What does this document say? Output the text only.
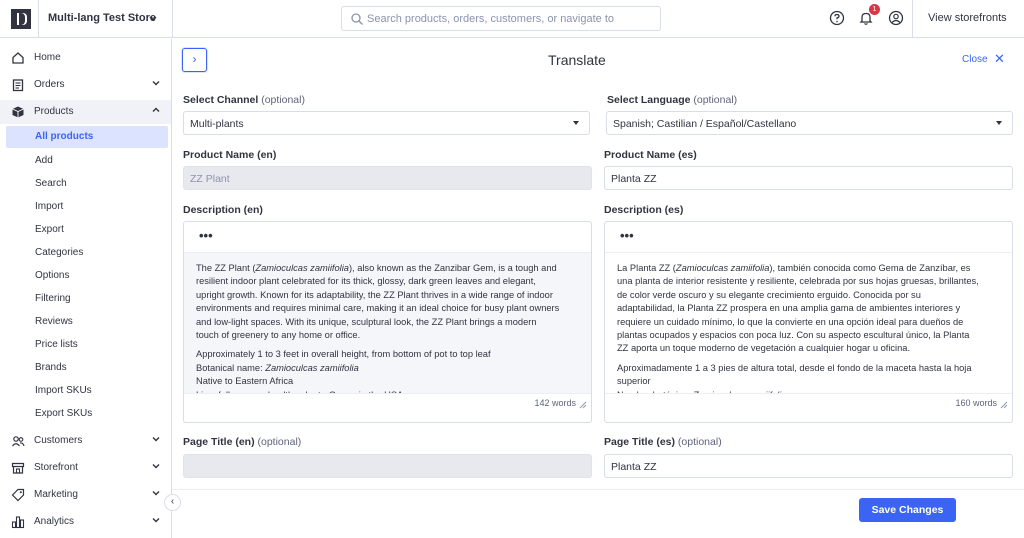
Multi-lang Test Store
Search products, orders, customers, or navigate to
1
View storefronts
Home
Orders
Products
All products
Add
Search
Import
Export
Categories
Options
Filtering
Reviews
Price lists
Brands
Import SKUs
Export SKUs
Customers
Storefront
Marketing
Analytics
‹
›	Translate	Close ✕
Select Channel (optional)
Multi-plants
Select Language (optional)
Spanish; Castilian / Español/Castellano
Product Name (en)
ZZ Plant
Product Name (es)
Planta ZZ
Description (en)
•••

The ZZ Plant (Zamioculcas zamiifolia), also known as the Zanzibar Gem, is a tough and
resilient indoor plant celebrated for its thick, glossy, dark green leaves and elegant,
upright growth. Known for its adaptability, the ZZ Plant thrives in a wide range of indoor
environments and requires minimal care, making it an ideal choice for busy plant owners
and low-light spaces. With its unique, sculptural look, the ZZ Plant brings a modern
touch of greenery to any home or office.

Approximately 1 to 3 feet in overall height, from bottom of pot to top leaf
Botanical name: Zamioculcas zamiifolia
Native to Eastern Africa
142 words
Description (es)
•••

La Planta ZZ (Zamioculcas zamiifolia), también conocida como Gema de Zanzíbar, es
una planta de interior resistente y resiliente, celebrada por sus hojas gruesas, brillantes,
de color verde oscuro y su elegante crecimiento erguido. Conocida por su
adaptabilidad, la Planta ZZ prospera en una amplia gama de ambientes interiores y
requiere un cuidado mínimo, lo que la convierte en una opción ideal para dueños de
plantas ocupados y espacios con poca luz. Con su aspecto escultural único, la Planta
ZZ aporta un toque moderno de vegetación a cualquier hogar u oficina.

Aproximadamente 1 a 3 pies de altura total, desde el fondo de la maceta hasta la hoja
superior
160 words
Page Title (en) (optional)	Page Title (es) (optional)
Planta ZZ
Save Changes
